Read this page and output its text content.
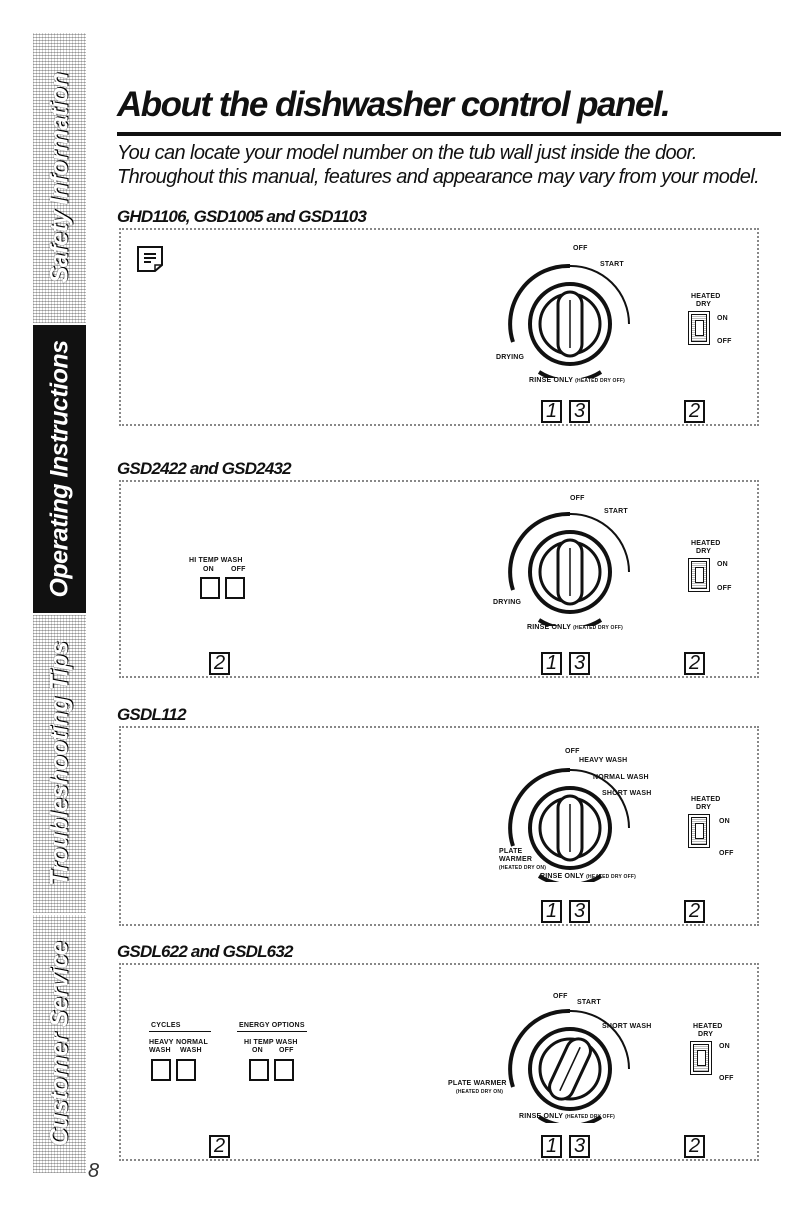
Safety Information
Operating Instructions
Troubleshooting Tips
Customer Service
8
About the dishwasher control panel.

You can locate your model number on the tub wall just inside the door. Throughout this manual, features and appearance may vary from your model.

GHD1106, GSD1005 and GSD1103
OFF
START
DRYING
RINSE ONLY (HEATED DRY OFF)
HEATED
DRY
ON
OFF
1 3	2
GSD2422 and GSD2432
HI TEMP WASH
ON OFF
OFF
START
DRYING
RINSE ONLY (HEATED DRY OFF)
HEATED
DRY
ON
OFF
2	1 3	2
GSDL112
OFF
HEAVY WASH
NORMAL WASH
SHORT WASH
PLATE
WARMER
(HEATED DRY ON)
RINSE ONLY (HEATED DRY OFF)
HEATED
DRY
ON
OFF
1 3	2
GSDL622 and GSDL632
CYCLES	ENERGY OPTIONS
HEAVY
WASH
NORMAL
WASH
HI TEMP WASH
ON OFF
OFF
START
SHORT WASH
PLATE WARMER
(HEATED DRY ON)
RINSE ONLY (HEATED DRY OFF)
HEATED
DRY
ON
OFF
2	1 3	2
